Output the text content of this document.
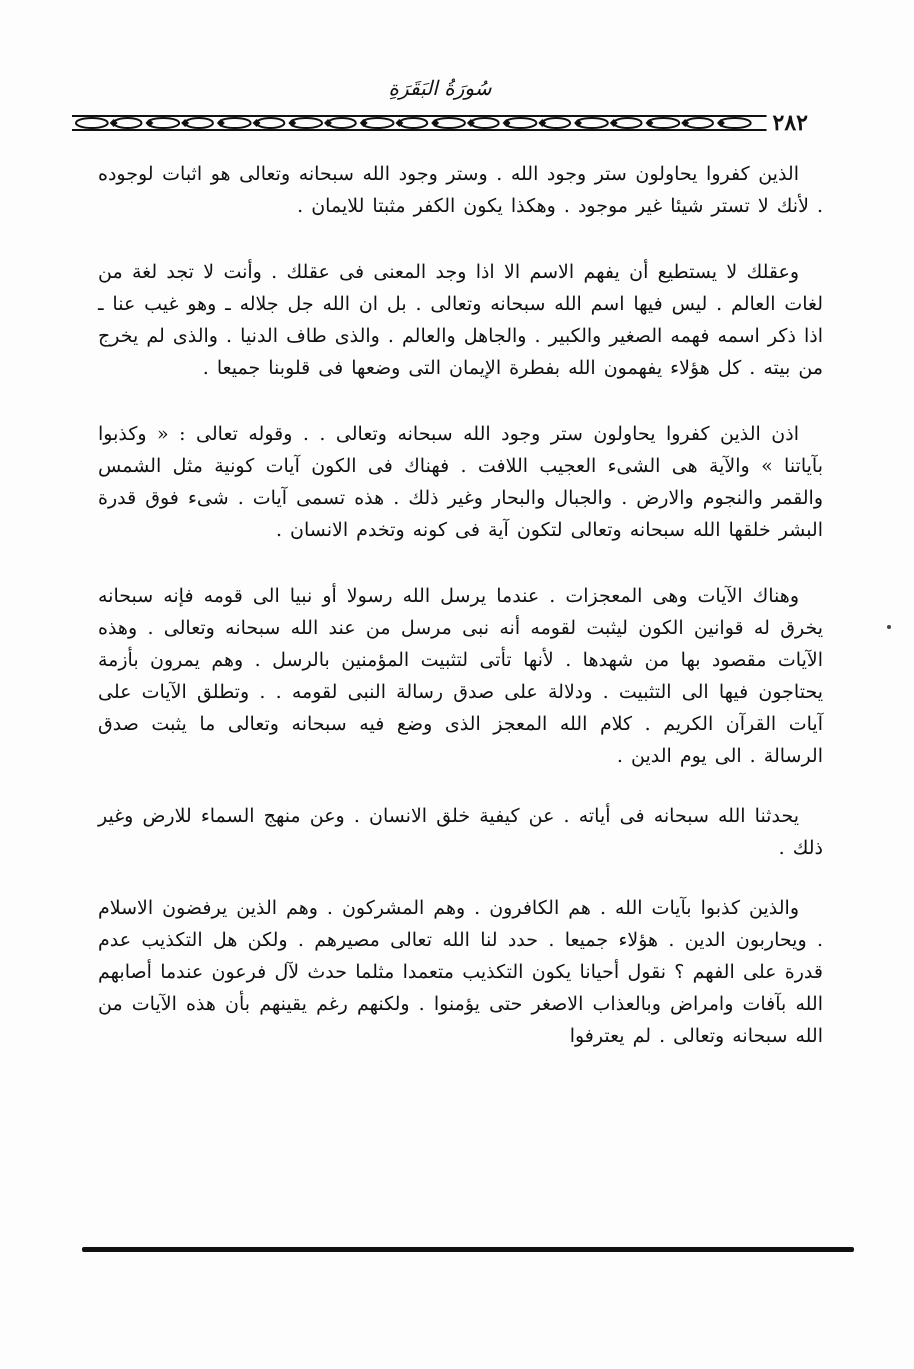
سُورَةُ البَقَرَةِ
٢٨٢

الذين كفروا يحاولون ستر وجود الله . وستر وجود الله سبحانه وتعالى هو اثبات لوجوده . لأنك لا تستر شيئا غير موجود . وهكذا يكون الكفر مثبتا للايمان .

وعقلك لا يستطيع أن يفهم الاسم الا اذا وجد المعنى فى عقلك . وأنت لا تجد لغة من لغات العالم . ليس فيها اسم الله سبحانه وتعالى . بل ان الله جل جلاله ـ وهو غيب عنا ـ اذا ذكر اسمه فهمه الصغير والكبير . والجاهل والعالم . والذى طاف الدنيا . والذى لم يخرج من بيته . كل هؤلاء يفهمون الله بفطرة الإيمان التى وضعها فى قلوبنا جميعا .

اذن الذين كفروا يحاولون ستر وجود الله سبحانه وتعالى . . وقوله تعالى : « وكذبوا بآياتنا » والآية هى الشىء العجيب اللافت . فهناك فى الكون آيات كونية مثل الشمس والقمر والنجوم والارض . والجبال والبحار وغير ذلك . هذه تسمى آيات . شىء فوق قدرة البشر خلقها الله سبحانه وتعالى لتكون آية فى كونه وتخدم الانسان .

وهناك الآيات وهى المعجزات . عندما يرسل الله رسولا أو نبيا الى قومه فإنه سبحانه يخرق له قوانين الكون ليثبت لقومه أنه نبى مرسل من عند الله سبحانه وتعالى . وهذه الآيات مقصود بها من شهدها . لأنها تأتى لتثبيت المؤمنين بالرسل . وهم يمرون بأزمة يحتاجون فيها الى التثبيت . ودلالة على صدق رسالة النبى لقومه . . وتطلق الآيات على آيات القرآن الكريم . كلام الله المعجز الذى وضع فيه سبحانه وتعالى ما يثبت صدق الرسالة . الى يوم الدين .

يحدثنا الله سبحانه فى أياته . عن كيفية خلق الانسان . وعن منهج السماء للارض وغير ذلك .

والذين كذبوا بآيات الله . هم الكافرون . وهم المشركون . وهم الذين يرفضون الاسلام . ويحاربون الدين . هؤلاء جميعا . حدد لنا الله تعالى مصيرهم . ولكن هل التكذيب عدم قدرة على الفهم ؟ نقول أحيانا يكون التكذيب متعمدا مثلما حدث لآل فرعون عندما أصابهم الله بآفات وامراض وبالعذاب الاصغر حتى يؤمنوا . ولكنهم رغم يقينهم بأن هذه الآيات من الله سبحانه وتعالى . لم يعترفوا
